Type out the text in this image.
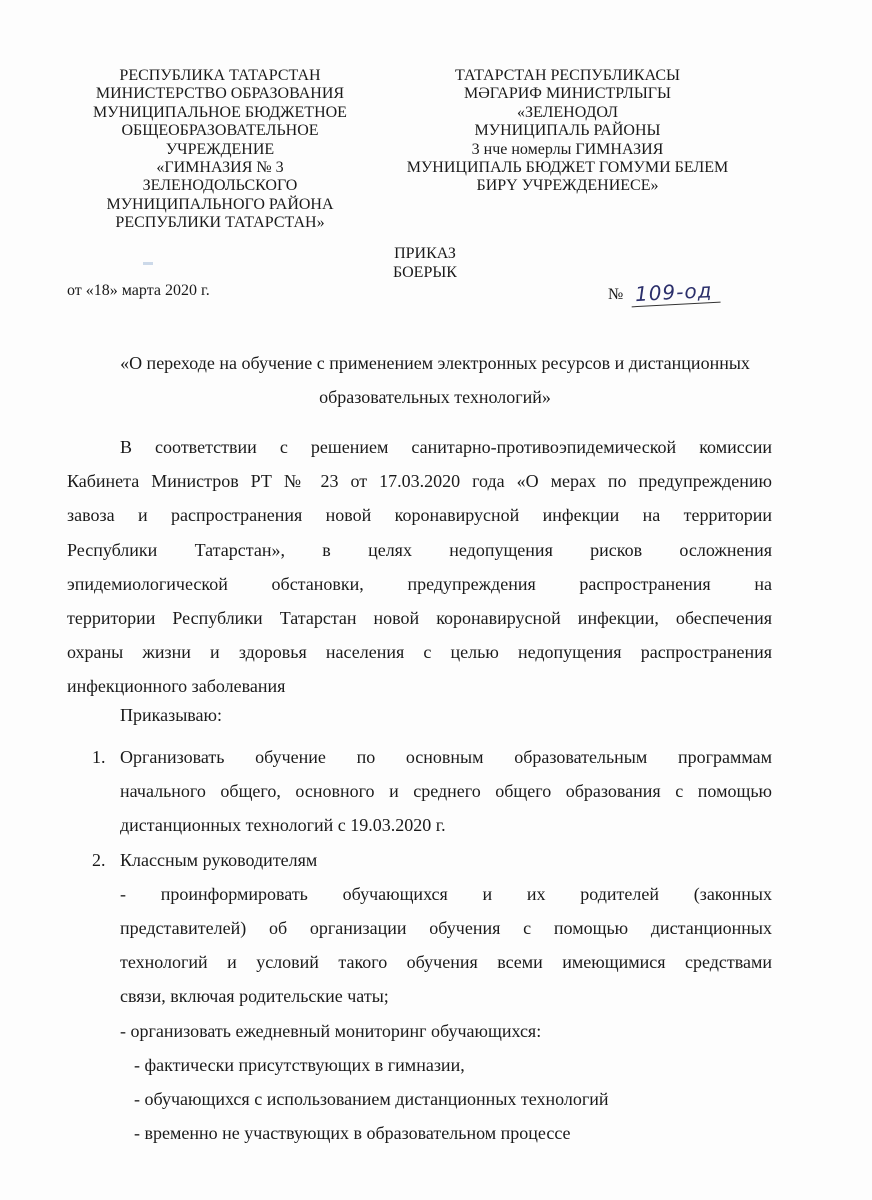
РЕСПУБЛИКА ТАТАРСТАН
МИНИСТЕРСТВО ОБРАЗОВАНИЯ
МУНИЦИПАЛЬНОЕ БЮДЖЕТНОЕ
ОБЩЕОБРАЗОВАТЕЛЬНОЕ
УЧРЕЖДЕНИЕ
«ГИМНАЗИЯ № 3
ЗЕЛЕНОДОЛЬСКОГО
МУНИЦИПАЛЬНОГО РАЙОНА
РЕСПУБЛИКИ ТАТАРСТАН»
ТАТАРСТАН РЕСПУБЛИКАСЫ
МӘГАРИФ МИНИСТРЛЫГЫ
«ЗЕЛЕНОДОЛ
МУНИЦИПАЛЬ РАЙОНЫ
3 нче номерлы ГИМНАЗИЯ
МУНИЦИПАЛЬ БЮДЖЕТ ГОМУМИ БЕЛЕМ
БИРҮ УЧРЕЖДЕНИЕСЕ»
ПРИКАЗ
БОЕРЫК
от «18» марта 2020 г.	№ 109-од
«О переходе на обучение с применением электронных ресурсов и дистанционных
образовательных технологий»
В соответствии с решением санитарно-противоэпидемической комиссии
Кабинета Министров РТ № 23 от 17.03.2020 года «О мерах по предупреждению
завоза и распространения новой коронавирусной инфекции на территории
Республики Татарстан», в целях недопущения рисков осложнения
эпидемиологической обстановки, предупреждения распространения на
территории Республики Татарстан новой коронавирусной инфекции, обеспечения
охраны жизни и здоровья населения с целью недопущения распространения
инфекционного заболевания
Приказываю:
1. Организовать обучение по основным образовательным программам
начального общего, основного и среднего общего образования с помощью
дистанционных технологий с 19.03.2020 г.
2. Классным руководителям
- проинформировать обучающихся и их родителей (законных
представителей) об организации обучения с помощью дистанционных
технологий и условий такого обучения всеми имеющимися средствами
связи, включая родительские чаты;
- организовать ежедневный мониторинг обучающихся:
- фактически присутствующих в гимназии,
- обучающихся с использованием дистанционных технологий
- временно не участвующих в образовательном процессе
